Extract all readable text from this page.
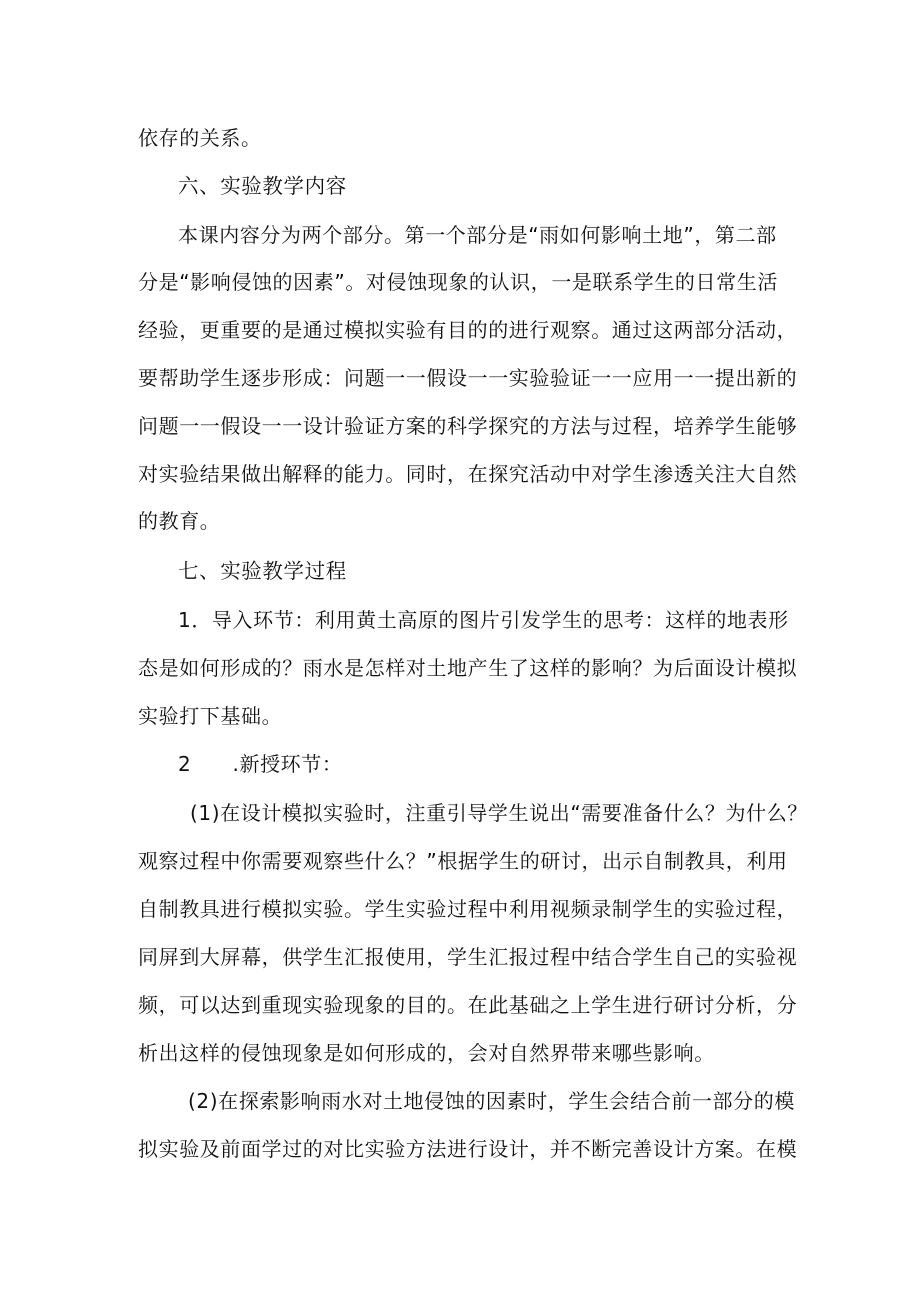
依存的关系。
六、实验教学内容
本课内容分为两个部分。第一个部分是“雨如何影响土地”，第二部
分是“影响侵蚀的因素”。对侵蚀现象的认识，一是联系学生的日常生活
经验，更重要的是通过模拟实验有目的的进行观察。通过这两部分活动，
要帮助学生逐步形成：问题一一假设一一实验验证一一应用一一提出新的
问题一一假设一一设计验证方案的科学探究的方法与过程，培养学生能够
对实验结果做出解释的能力。同时，在探究活动中对学生渗透关注大自然
的教育。
七、实验教学过程
1．导入环节：利用黄土高原的图片引发学生的思考：这样的地表形
态是如何形成的？雨水是怎样对土地产生了这样的影响？为后面设计模拟
实验打下基础。
2　　.新授环节：
(1)在设计模拟实验时，注重引导学生说出“需要准备什么？为什么？
观察过程中你需要观察些什么？”根据学生的研讨，出示自制教具，利用
自制教具进行模拟实验。学生实验过程中利用视频录制学生的实验过程，
同屏到大屏幕，供学生汇报使用，学生汇报过程中结合学生自己的实验视
频，可以达到重现实验现象的目的。在此基础之上学生进行研讨分析，分
析出这样的侵蚀现象是如何形成的，会对自然界带来哪些影响。
(2)在探索影响雨水对土地侵蚀的因素时，学生会结合前一部分的模
拟实验及前面学过的对比实验方法进行设计，并不断完善设计方案。在模
